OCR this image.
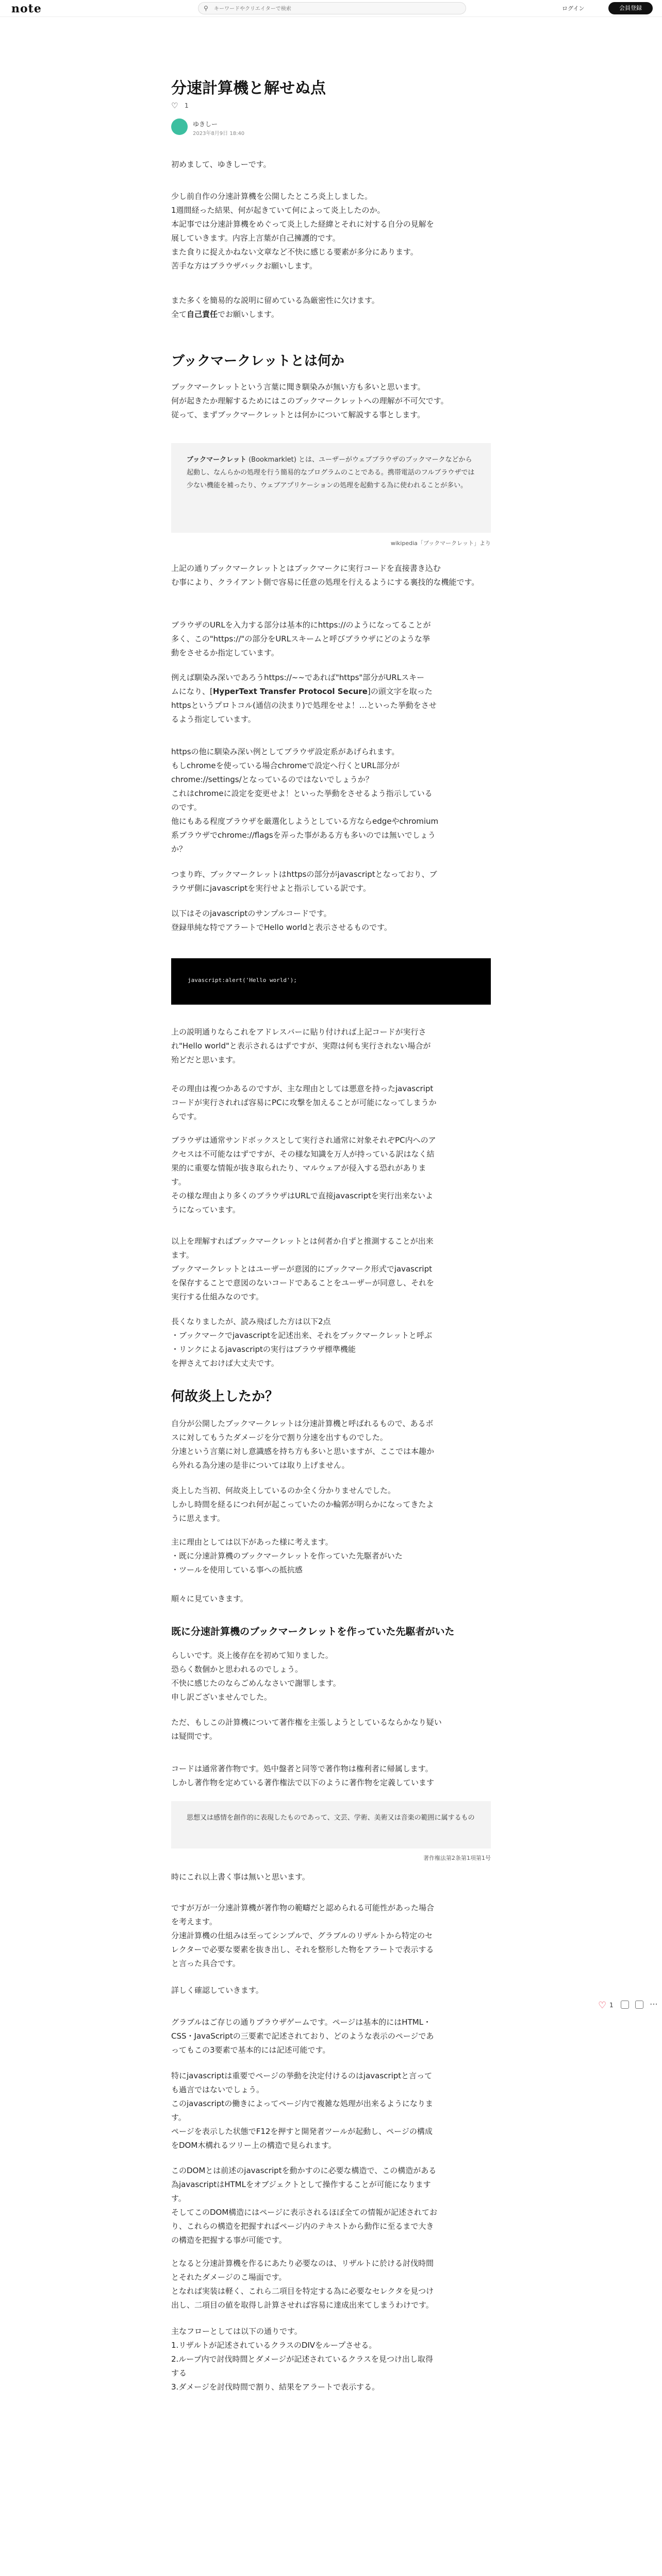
note	⚲
キーワードやクリエイターで検索	ログイン	会員登録
分速計算機と解せぬ点
♡ 1
ゆきしー
2023年8月9日 18:40
初めまして、ゆきしーです。
少し前自作の分速計算機を公開したところ炎上しました。
1週間経った結果、何が起きていて何によって炎上したのか。
本記事では分速計算機をめぐって炎上した経緯とそれに対する自分の見解を
展していきます。内容上言葉が自己擁護的です。
また食りに捉えかねない文章など不快に感じる要素が多分にあります。
苦手な方はブラウザバックお願いします。
また多くを簡易的な説明に留めている為厳密性に欠けます。
全て自己責任でお願いします。
ブックマークレットとは何か
ブックマークレットという言葉に聞き馴染みが無い方も多いと思います。
何が起きたか理解するためにはこのブックマークレットへの理解が不可欠です。
従って、まずブックマークレットとは何かについて解説する事とします。

ブックマークレット (Bookmarklet) とは、ユーザーがウェブブラウザのブックマークなどから起動し、なんらかの処理を行う簡易的なプログラムのことである。携帯電話のフルブラウザでは少ない機能を補ったり、ウェブアプリケーションの処理を起動する為に使われることが多い。

wikipedia「ブックマークレット」より
上記の通りブックマークレットとはブックマークに実行コードを直接書き込む
む事により、クライアント側で容易に任意の処理を行えるようにする裏技的な機能です。
ブラウザのURLを入力する部分は基本的にhttps://のようになってることが
多く、この"https://"の部分をURLスキームと呼びブラウザにどのような挙
動をさせるか指定しています。
例えば馴染み深いであろうhttps://~~であれば"https"部分がURLスキー
ムになり、[HyperText Transfer Protocol Secure]の頭文字を取った
httpsというプロトコル(通信の決まり)で処理をせよ！…といった挙動をさせ
るよう指定しています。
httpsの他に馴染み深い例としてブラウザ設定系があげられます。
もしchromeを使っている場合chromeで設定へ行くとURL部分が
chrome://settings/となっているのではないでしょうか？
これはchromeに設定を変更せよ！といった挙動をさせるよう指示している
のです。
他にもある程度ブラウザを厳選化しようとしている方ならedgeやchromium
系ブラウザでchrome://flagsを弄った事がある方も多いのでは無いでしょう
か？
つまり昨、ブックマークレットはhttpsの部分がjavascriptとなっており、ブ
ラウザ側にjavascriptを実行せよと指示している訳です。
以下はそのjavascriptのサンプルコードです。
登録単純な特でアラートでHello worldと表示させるものです。
javascript:alert('Hello world');
上の説明通りならこれをアドレスバーに貼り付ければ上記コードが実行さ
れ"Hello world"と表示されるはずですが、実際は何も実行されない場合が
殆どだと思います。
その理由は複つかあるのですが、主な理由としては悪意を持ったjavascript
コードが実行されれば容易にPCに攻撃を加えることが可能になってしまうか
らです。
ブラウザは通常サンドボックスとして実行され通常に対象それぞPC内へのア
クセスは不可能なはずですが、その様な知識を万人が持っている訳はなく結
果的に重要な情報が抜き取られたり、マルウェアが侵入する恐れがありま
す。
その様な理由より多くのブラウザはURLで直接javascriptを実行出来ないよ
うになっています。
以上を理解すればブックマークレットとは何者か自ずと推測することが出来
ます。
ブックマークレットとはユーザーが意図的にブックマーク形式でjavascript
を保存することで意図のないコードであることをユーザーが同意し、それを
実行する仕組みなのです。
長くなりましたが、読み飛ばした方は以下2点
・ブックマークでjavascriptを記述出来、それをブックマークレットと呼ぶ
・リンクによるjavascriptの実行はブラウザ標準機能
を押さえておけば大丈夫です。
何故炎上したか？
自分が公開したブックマークレットは分速計算機と呼ばれるもので、あるボ
スに対してもうたダメージを分で割り分速を出すものでした。
分速という言葉に対し意識感を持ち方も多いと思いますが、ここでは本趣か
ら外れる為分速の是非については取り上げません。
炎上した当初、何故炎上しているのか全く分かりませんでした。
しかし時間を経るにつれ何が起こっていたのか輪郭が明らかになってきたよ
うに思えます。
主に理由としては以下があった様に考えます。
・既に分速計算機のブックマークレットを作っていた先駆者がいた
・ツールを使用している事への抵抗感
順々に見ていきます。
既に分速計算機のブックマークレットを作っていた先駆者がいた
らしいです。炎上後存在を初めて知りました。
恐らく数個かと思われるのでしょう。
不快に感じたのならごめんなさいで謝罪します。
申し訳ございませんでした。
ただ、もしこの計算機について著作権を主張しようとしているならかなり疑い
は疑問です。
コードは通常著作物です。処中盤者と同等で著作物は権利者に帰属します。
しかし著作物を定めている著作権法で以下のように著作物を定義しています

思想又は感情を創作的に表現したものであって、文芸、学術、美術又は音楽の範囲に属するもの

著作権法第2条第1項第1号
時にこれ以上書く事は無いと思います。
ですが万が一分速計算機が著作物の範疇だと認められる可能性があった場合
を考えます。
分速計算機の仕組みは至ってシンプルで、グラブルのリザルトから特定のセ
レクターで必要な要素を抜き出し、それを整形した物をアラートで表示する
と言った具合です。
詳しく確認していきます。
グラブルはご存じの通りブラウザゲームです。ページは基本的にはHTML・
CSS・JavaScriptの三要素で記述されており、どのような表示のページであ
ってもこの3要素で基本的には記述可能です。
特にjavascriptは重要でページの挙動を決定付けるのはjavascriptと言って
も過言ではないでしょう。
このjavascriptの働きによってページ内で複雑な処理が出来るようになりま
す。
ページを表示した状態でF12を押すと開発者ツールが起動し、ページの構成
をDOM木構れるツリー上の構造で見られます。
このDOMとは前述のjavascriptを動かすのに必要な構造で、この構造がある
為javascriptはHTMLをオブジェクトとして操作することが可能になります
す。
そしてこのDOM構造にはページに表示されるほぼ全ての情報が記述されてお
り、これらの構造を把握すればページ内のテキストから動作に至るまで大き
の構造を把握する事が可能です。
となると分速計算機を作るにあたり必要なのは、リザルトに於ける討伐時間
とそれたダメージのこ場面です。
となれば実装は軽く、これら二項目を特定する為に必要なセレクタを見つけ
出し、二項目の値を取得し計算させれば容易に達成出来てしまうわけです。
主なフローとしては以下の通りです。
1.リザルトが記述されているクラスのDIVをループさせる。
2.ループ内で討伐時間とダメージが記述されているクラスを見つけ出し取得
する
3.ダメージを討伐時間で割り、結果をアラートで表示する。
♡ 1	⋯
